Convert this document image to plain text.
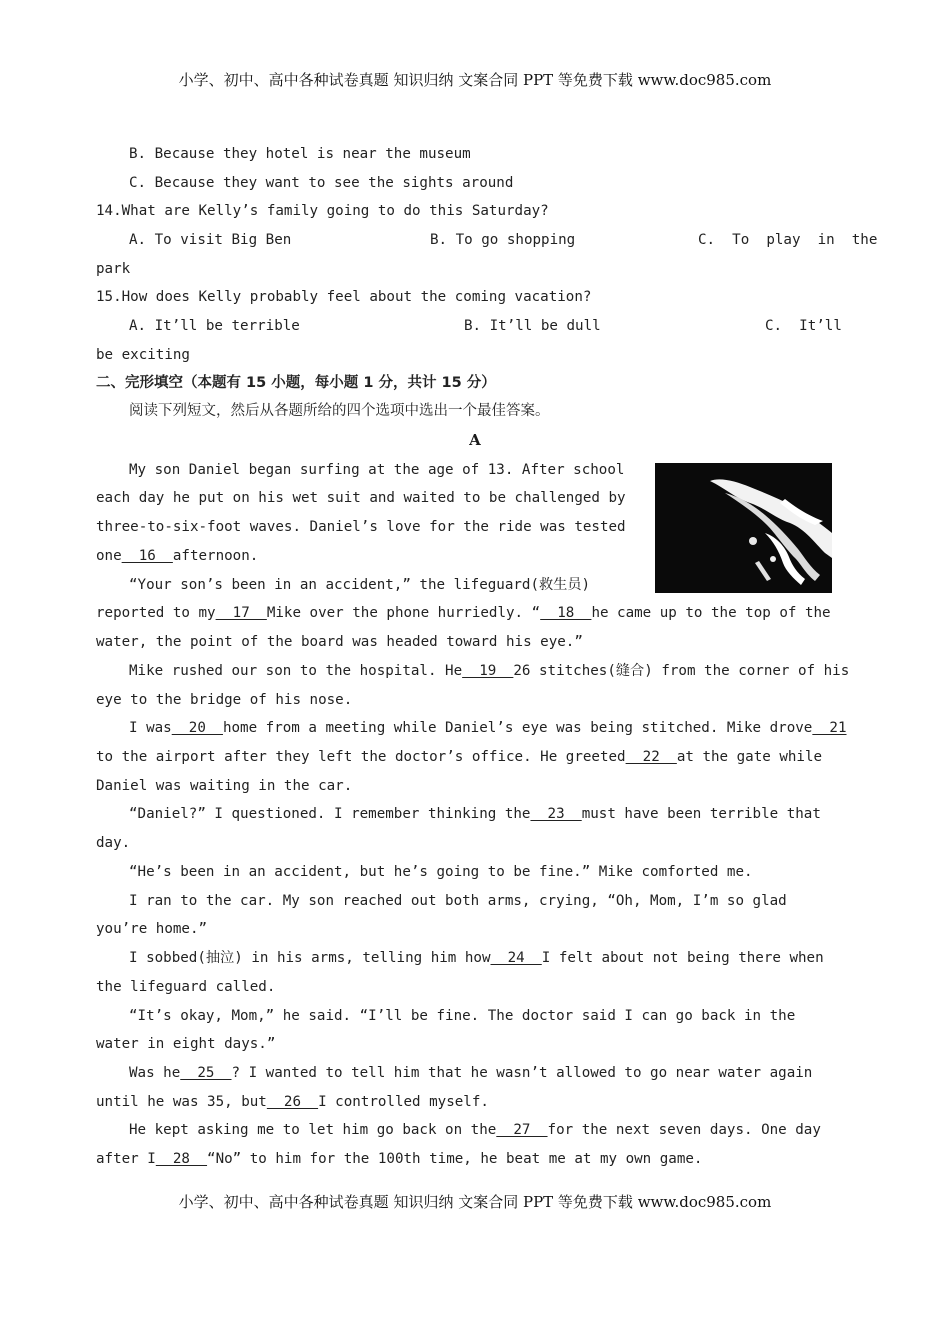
小学、初中、高中各种试卷真题 知识归纳 文案合同 PPT 等免费下载 www.doc985.com
B. Because they hotel is near the museum
C. Because they want to see the sights around
14.What are Kelly’s family going to do this Saturday?
A. To visit Big Ben	B. To go shopping	C.  To  play  in  the
park
15.How does Kelly probably feel about the coming vacation?
A. It’ll be terrible	B. It’ll be dull	C.  It’ll
be exciting
二、完形填空（本题有 15 小题，每小题 1 分，共计 15 分）
阅读下列短文，然后从各题所给的四个选项中选出一个最佳答案。
A
My son Daniel began surfing at the age of 13. After school
each day he put on his wet suit and waited to be challenged by
three-to-six-foot waves. Daniel’s love for the ride was tested
one  16  afternoon.
“Your son’s been in an accident,” the lifeguard(救生员)
reported to my  17  Mike over the phone hurriedly. “  18  he came up to the top of the
water, the point of the board was headed toward his eye.”
Mike rushed our son to the hospital. He  19  26 stitches(缝合) from the corner of his
eye to the bridge of his nose.
I was  20  home from a meeting while Daniel’s eye was being stitched. Mike drove  21
to the airport after they left the doctor’s office. He greeted  22  at the gate while
Daniel was waiting in the car.
“Daniel?” I questioned. I remember thinking the  23  must have been terrible that
day.
“He’s been in an accident, but he’s going to be fine.” Mike comforted me.
I ran to the car. My son reached out both arms, crying, “Oh, Mom, I’m so glad
you’re home.”
I sobbed(抽泣) in his arms, telling him how  24  I felt about not being there when
the lifeguard called.
“It’s okay, Mom,” he said. “I’ll be fine. The doctor said I can go back in the
water in eight days.”
Was he  25  ? I wanted to tell him that he wasn’t allowed to go near water again
until he was 35, but  26  I controlled myself.
He kept asking me to let him go back on the  27  for the next seven days. One day
after I  28  “No” to him for the 100th time, he beat me at my own game.
小学、初中、高中各种试卷真题 知识归纳 文案合同 PPT 等免费下载 www.doc985.com
